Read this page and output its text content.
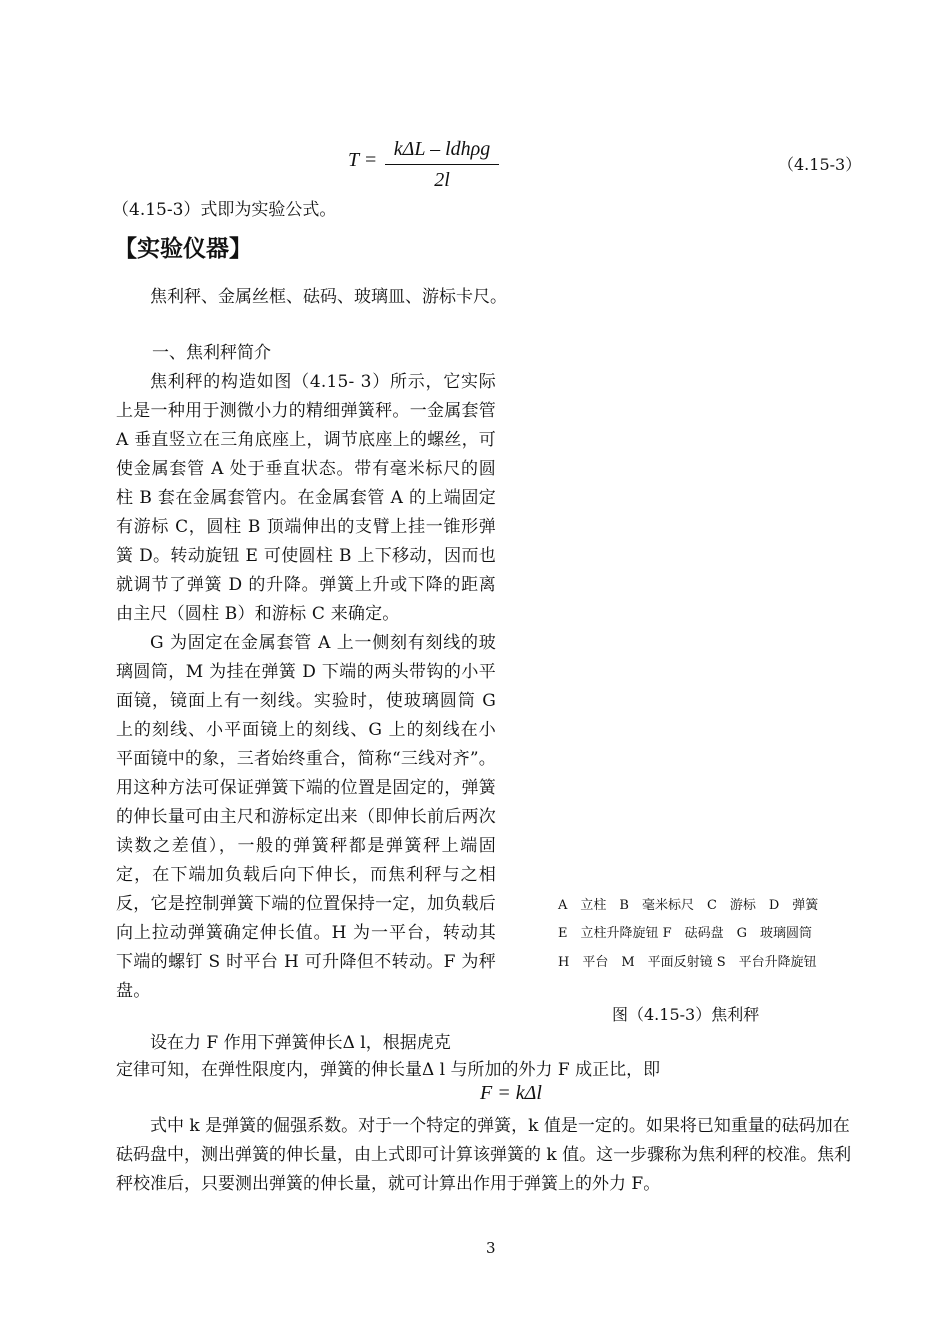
T = kΔL – ldhρg
2l
（4.15-3）
（4.15-3）式即为实验公式。
【实验仪器】
焦利秤、金属丝框、砝码、玻璃皿、游标卡尺。
一、焦利秤简介

焦利秤的构造如图（4.15- 3）所示，它实际上是一种用于测微小力的精细弹簧秤。一金属套管 A 垂直竖立在三角底座上，调节底座上的螺丝，可使金属套管 A 处于垂直状态。带有毫米标尺的圆柱 B 套在金属套管内。在金属套管 A 的上端固定有游标 C，圆柱 B 顶端伸出的支臂上挂一锥形弹簧 D。转动旋钮 E 可使圆柱 B 上下移动，因而也就调节了弹簧 D 的升降。弹簧上升或下降的距离由主尺（圆柱 B）和游标 C 来确定。

G 为固定在金属套管 A 上一侧刻有刻线的玻璃圆筒，M 为挂在弹簧 D 下端的两头带钩的小平面镜，镜面上有一刻线。实验时，使玻璃圆筒 G 上的刻线、小平面镜上的刻线、G 上的刻线在小平面镜中的象，三者始终重合，简称“三线对齐”。用这种方法可保证弹簧下端的位置是固定的，弹簧的伸长量可由主尺和游标定出来（即伸长前后两次读数之差值），一般的弹簧秤都是弹簧秤上端固定，在下端加负载后向下伸长，而焦利秤与之相反，它是控制弹簧下端的位置保持一定，加负载后向上拉动弹簧确定伸长值。H 为一平台，转动其下端的螺钉 S 时平台 H 可升降但不转动。F 为秤盘。

A　立柱　B　毫米标尺　C　游标　D　弹簧
E　立柱升降旋钮 F　砝码盘　G　玻璃圆筒
H　平台　M　平面反射镜 S　平台升降旋钮
图（4.15-3）焦利秤
设在力 F 作用下弹簧伸长Δ l，根据虎克
定律可知，在弹性限度内，弹簧的伸长量Δ l 与所加的外力 F 成正比，即
F = kΔl

式中 k 是弹簧的倔强系数。对于一个特定的弹簧，k 值是一定的。如果将已知重量的砝码加在砝码盘中，测出弹簧的伸长量，由上式即可计算该弹簧的 k 值。这一步骤称为焦利秤的校准。焦利秤校准后，只要测出弹簧的伸长量，就可计算出作用于弹簧上的外力 F。

3
